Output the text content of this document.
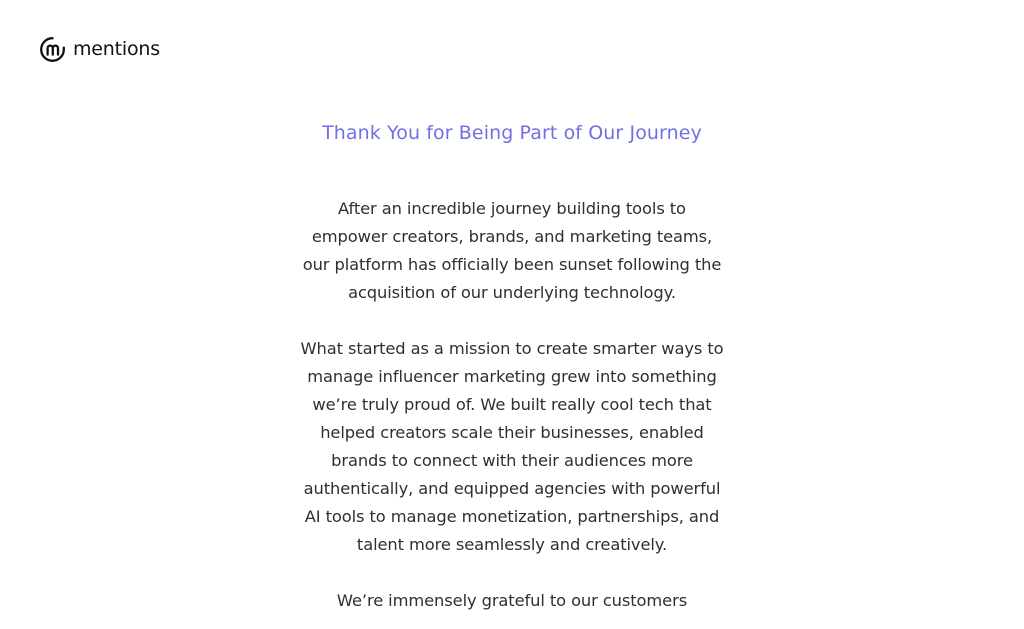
mentions
Thank You for Being Part of Our Journey

After an incredible journey building tools to empower creators, brands, and marketing teams, our platform has officially been sunset following the acquisition of our underlying technology.

What started as a mission to create smarter ways to manage influencer marketing grew into something we’re truly proud of. We built really cool tech that helped creators scale their businesses, enabled brands to connect with their audiences more authentically, and equipped agencies with powerful AI tools to manage monetization, partnerships, and talent more seamlessly and creatively.

We’re immensely grateful to our customers
